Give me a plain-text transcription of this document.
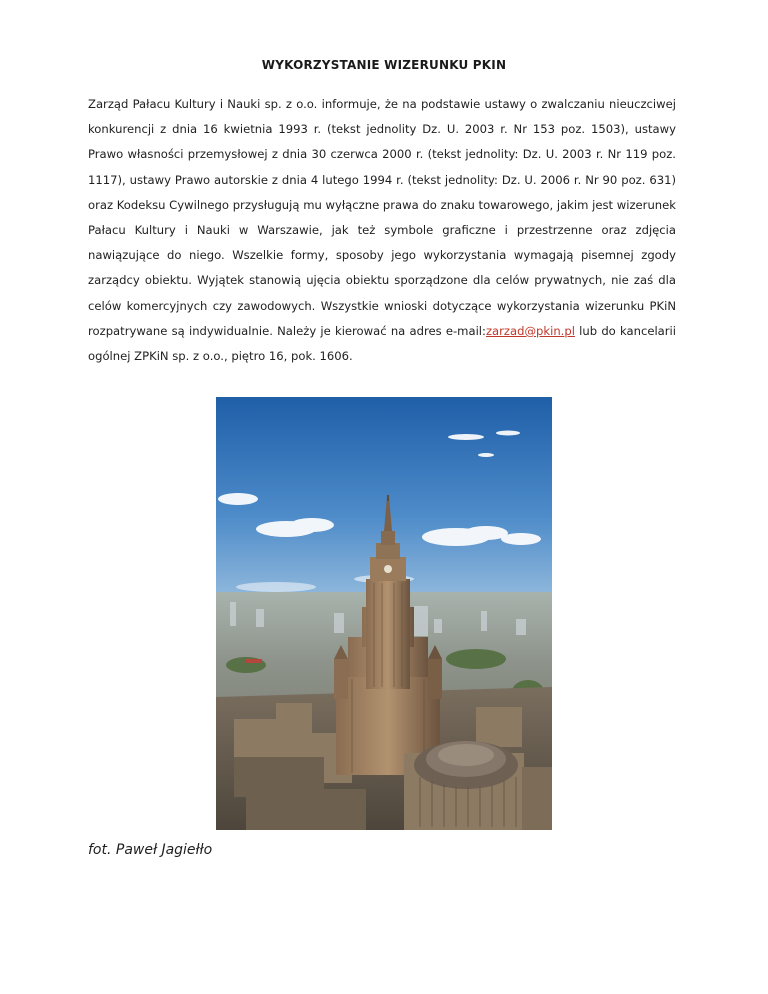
WYKORZYSTANIE WIZERUNKU PKIN
Zarząd Pałacu Kultury i Nauki sp. z o.o. informuje, że na podstawie ustawy o zwalczaniu nieuczciwej konkurencji z dnia 16 kwietnia 1993 r. (tekst jednolity Dz. U. 2003 r. Nr 153 poz. 1503), ustawy Prawo własności przemysłowej z dnia 30 czerwca 2000 r. (tekst jednolity: Dz. U. 2003 r. Nr 119 poz. 1117), ustawy Prawo autorskie z dnia 4 lutego 1994 r. (tekst jednolity: Dz. U. 2006 r. Nr 90 poz. 631) oraz Kodeksu Cywilnego przysługują mu wyłączne prawa do znaku towarowego, jakim jest wizerunek Pałacu Kultury i Nauki w Warszawie, jak też symbole graficzne i przestrzenne oraz zdjęcia nawiązujące do niego. Wszelkie formy, sposoby jego wykorzystania wymagają pisemnej zgody zarządcy obiektu. Wyjątek stanowią ujęcia obiektu sporządzone dla celów prywatnych, nie zaś dla celów komercyjnych czy zawodowych. Wszystkie wnioski dotyczące wykorzystania wizerunku PKiN rozpatrywane są indywidualnie. Należy je kierować na adres e-mail:zarzad@pkin.pl lub do kancelarii ogólnej ZPKiN sp. z o.o., piętro 16, pok. 1606.
fot. Paweł Jagiełło
